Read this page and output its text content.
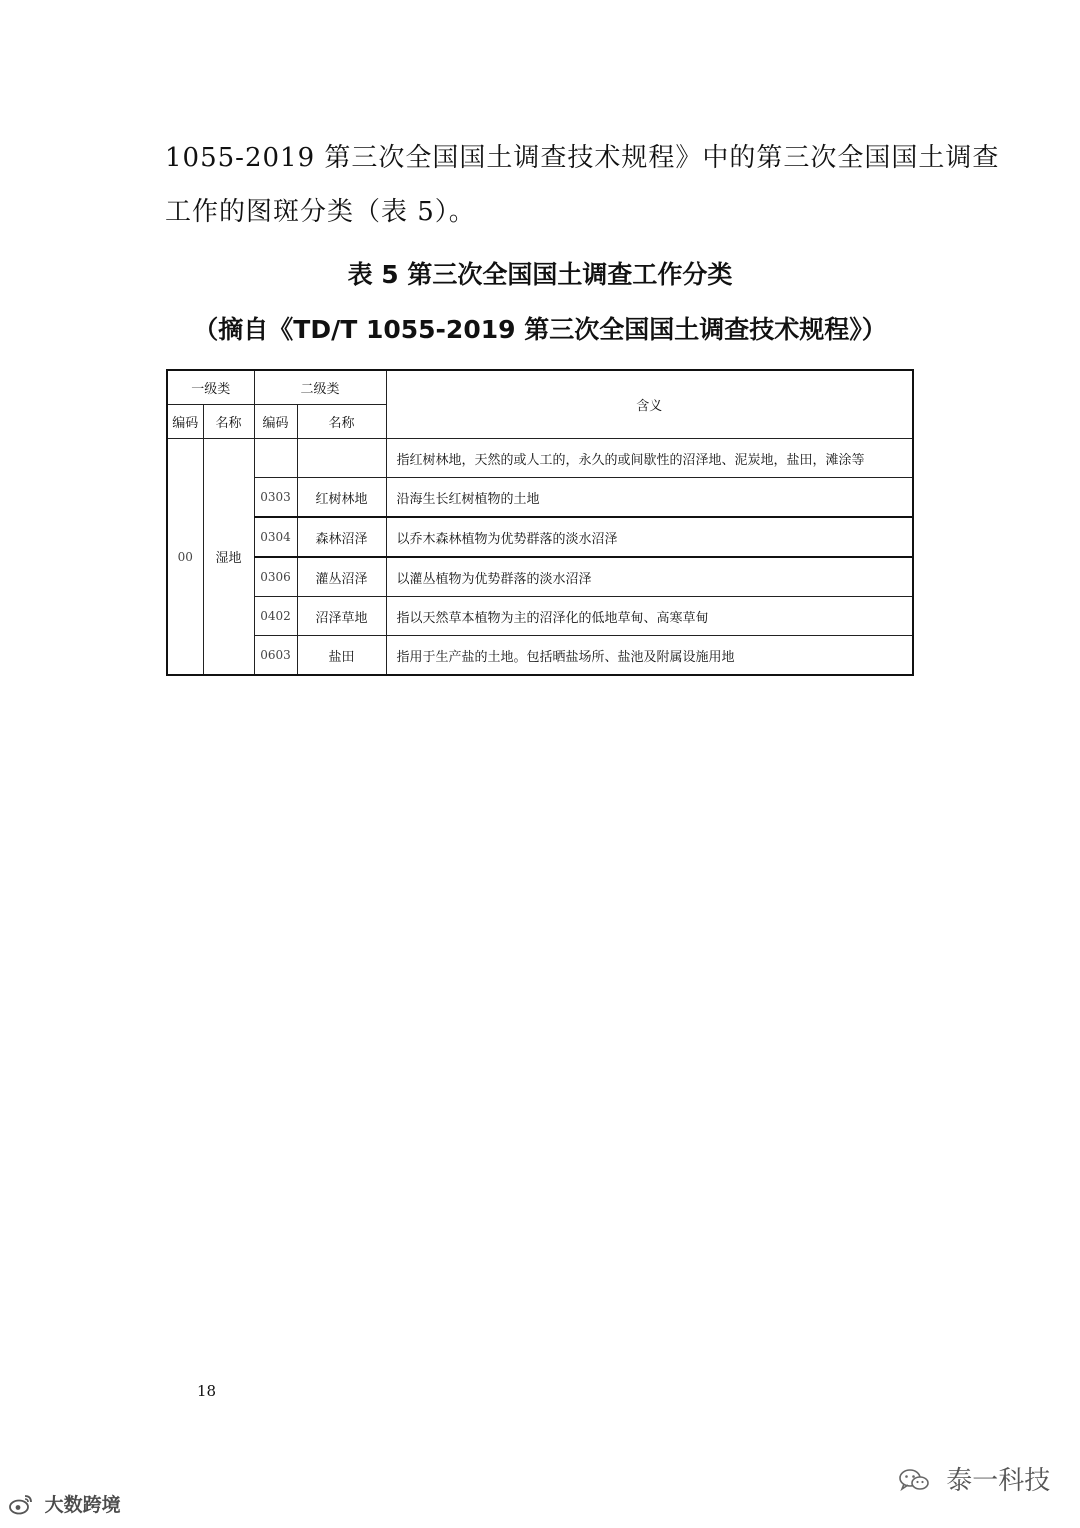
1055-2019 第三次全国国土调查技术规程》中的第三次全国国土调查
工作的图斑分类（表 5）。
表 5 第三次全国国土调查工作分类
（摘自《TD/T 1055-2019 第三次全国国土调查技术规程》）
一级类		二级类		含义
编码	名称	编码	名称	
00	湿地			指红树林地，天然的或人工的，永久的或间歇性的沼泽地、泥炭地，盐田，滩涂等
		0303	红树林地	沿海生长红树植物的土地
		0304	森林沼泽	以乔木森林植物为优势群落的淡水沼泽
		0306	灌丛沼泽	以灌丛植物为优势群落的淡水沼泽
		0402	沼泽草地	指以天然草本植物为主的沼泽化的低地草甸、高寒草甸
		0603	盐田	指用于生产盐的土地。包括晒盐场所、盐池及附属设施用地
18
大数跨境
泰一科技
